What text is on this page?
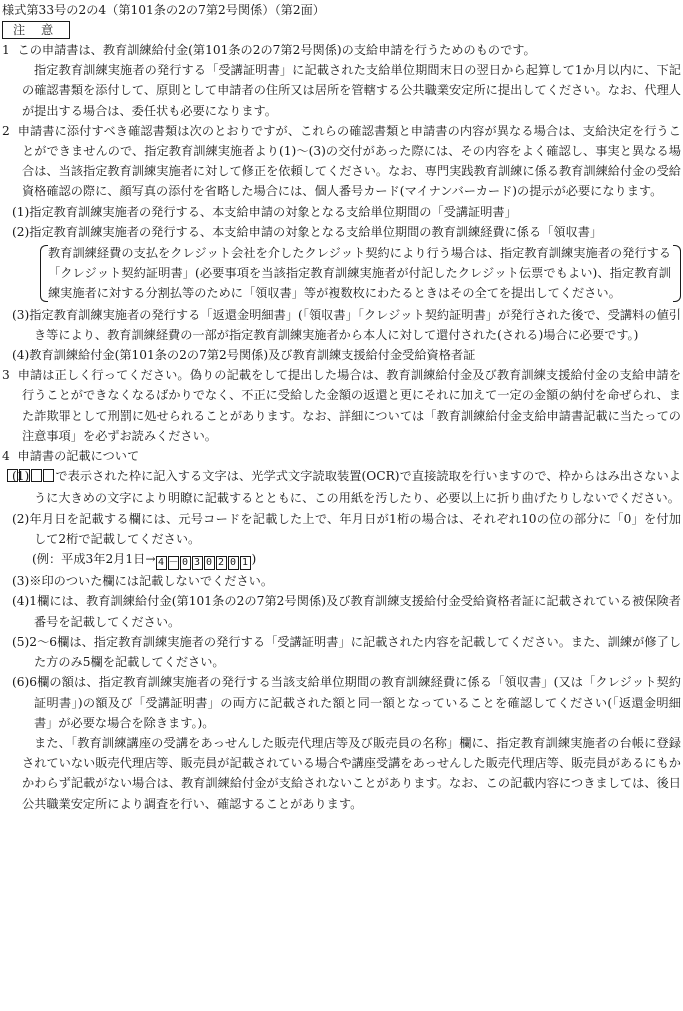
様式第33号の2の4（第101条の2の7第2号関係）（第2面）
注 意

1 この申請書は、教育訓練給付金(第101条の2の7第2号関係)の支給申請を行うためのものです。

指定教育訓練実施者の発行する「受講証明書」に記載された支給単位期間末日の翌日から起算して1か月以内に、下記の確認書類を添付して、原則として申請者の住所又は居所を管轄する公共職業安定所に提出してください。なお、代理人が提出する場合は、委任状も必要になります。

2 申請書に添付すべき確認書類は次のとおりですが、これらの確認書類と申請書の内容が異なる場合は、支給決定を行うことができませんので、指定教育訓練実施者より(1)～(3)の交付があった際には、その内容をよく確認し、事実と異なる場合は、当該指定教育訓練実施者に対して修正を依頼してください。なお、専門実践教育訓練に係る教育訓練給付金の受給資格確認の際に、顔写真の添付を省略した場合には、個人番号カード(マイナンバーカード)の提示が必要になります。

(1)指定教育訓練実施者の発行する、本支給申請の対象となる支給単位期間の「受講証明書」

(2)指定教育訓練実施者の発行する、本支給申請の対象となる支給単位期間の教育訓練経費に係る「領収書」

教育訓練経費の支払をクレジット会社を介したクレジット契約により行う場合は、指定教育訓練実施者の発行する「クレジット契約証明書」(必要事項を当該指定教育訓練実施者が付記したクレジット伝票でもよい)、指定教育訓練実施者に対する分割払等のために「領収書」等が複数枚にわたるときはその全てを提出してください。

(3)指定教育訓練実施者の発行する「返還金明細書」(「領収書」「クレジット契約証明書」が発行された後で、受講料の値引き等により、教育訓練経費の一部が指定教育訓練実施者から本人に対して還付された(される)場合に必要です。)

(4)教育訓練給付金(第101条の2の7第2号関係)及び教育訓練支援給付金受給資格者証

3 申請は正しく行ってください。偽りの記載をして提出した場合は、教育訓練給付金及び教育訓練支援給付金の支給申請を行うことができなくなるばかりでなく、不正に受給した金額の返還と更にそれに加えて一定の金額の納付を命ぜられ、また詐欺罪として刑罰に処せられることがあります。なお、詳細については「教育訓練給付金支給申請書記載に当たっての注意事項」を必ずお読みください。

4 申請書の記載について

(1) で表示された枠に記入する文字は、光学式文字読取装置(OCR)で直接読取を行いますので、枠からはみ出さないように大きめの文字により明瞭に記載するとともに、この用紙を汚したり、必要以上に折り曲げたりしないでください。

(2)年月日を記載する欄には、元号コードを記載した上で、年月日が1桁の場合は、それぞれ10の位の部分に「0」を付加して2桁で記載してください。

(例：平成3年2月1日→ 4 － 0 3 0 2 0 1 )

(3)※印のついた欄には記載しないでください。

(4)1欄には、教育訓練給付金(第101条の2の7第2号関係)及び教育訓練支援給付金受給資格者証に記載されている被保険者番号を記載してください。

(5)2～6欄は、指定教育訓練実施者の発行する「受講証明書」に記載された内容を記載してください。また、訓練が修了した方のみ5欄を記載してください。

(6)6欄の額は、指定教育訓練実施者の発行する当該支給単位期間の教育訓練経費に係る「領収書」(又は「クレジット契約証明書」)の額及び「受講証明書」の両方に記載された額と同一額となっていることを確認してください(「返還金明細書」が必要な場合を除きます。)。

また、「教育訓練講座の受講をあっせんした販売代理店等及び販売員の名称」欄に、指定教育訓練実施者の台帳に登録されていない販売代理店等、販売員が記載されている場合や講座受講をあっせんした販売代理店等、販売員があるにもかかわらず記載がない場合は、教育訓練給付金が支給されないことがあります。なお、この記載内容につきましては、後日公共職業安定所により調査を行い、確認することがあります。
